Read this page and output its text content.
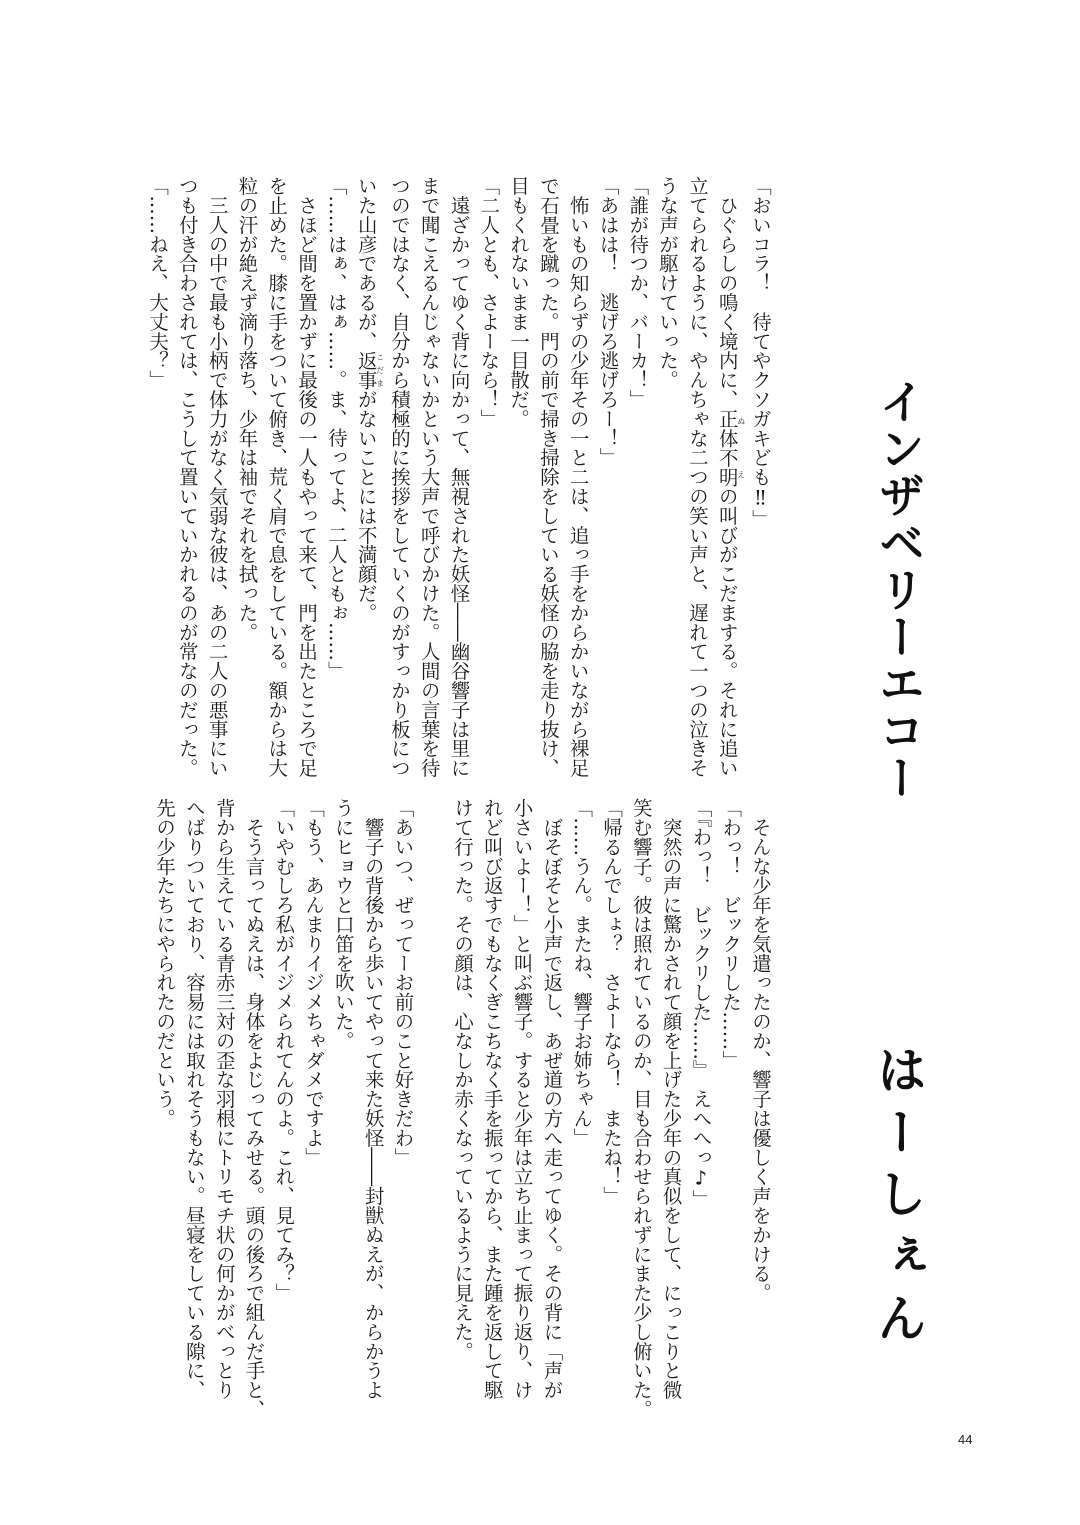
インザベリーエコー
はーしぇん
「おいコラ！　待てやクソガキども‼」
　ひぐらしの鳴く境内に、正体不明ぬえの叫びがこだまする。それに追い
立てられるように、やんちゃな二つの笑い声と、遅れて一つの泣きそ
うな声が駆けていった。
「誰が待つか、バーカ！」
「あはは！　逃げろ逃げろー！」
　怖いもの知らずの少年その一と二は、追っ手をからかいながら裸足
で石畳を蹴った。門の前で掃き掃除をしている妖怪の脇を走り抜け、
目もくれないまま一目散だ。
「二人とも、さよーなら！」
　遠ざかってゆく背に向かって、無視された妖怪――幽谷響子は里に
まで聞こえるんじゃないかという大声で呼びかけた。人間の言葉を待
つのではなく、自分から積極的に挨拶をしていくのがすっかり板につ
いた山彦であるが、返事こだまがないことには不満顔だ。
「……はぁ、はぁ……。ま、待ってよ、二人ともぉ……」
　さほど間を置かずに最後の一人もやって来て、門を出たところで足
を止めた。膝に手をついて俯き、荒く肩で息をしている。額からは大
粒の汗が絶えず滴り落ち、少年は袖でそれを拭った。
　三人の中で最も小柄で体力がなく気弱な彼は、あの二人の悪事にい
つも付き合わされては、こうして置いていかれるのが常なのだった。
「……ねえ、大丈夫？」
　そんな少年を気遣ったのか、響子は優しく声をかける。
「わっ！　ビックリした……」
「『わっ！　ビックリした……』　えへへっ♪」
　突然の声に驚かされて顔を上げた少年の真似をして、にっこりと微
笑む響子。彼は照れているのか、目も合わせられずにまた少し俯いた。
「帰るんでしょ？　さよーなら！　またね！」
「……うん。またね、響子お姉ちゃん」
　ぼそぼそと小声で返し、あぜ道の方へ走ってゆく。その背に「声が
小さいよー！」と叫ぶ響子。すると少年は立ち止まって振り返り、け
れど叫び返すでもなくぎこちなく手を振ってから、また踵を返して駆
けて行った。その顔は、心なしか赤くなっているように見えた。

「あいつ、ぜってーお前のこと好きだわ」
　響子の背後から歩いてやって来た妖怪――封獣ぬえが、からかうよ
うにヒョウと口笛を吹いた。
「もう、あんまりイジメちゃダメですよ」
「いやむしろ私がイジメられてんのよ。これ、見てみ？」
　そう言ってぬえは、身体をよじってみせる。頭の後ろで組んだ手と、
背から生えている青赤三対の歪な羽根にトリモチ状の何かがべっとり
へばりついており、容易には取れそうもない。昼寝をしている隙に、
先の少年たちにやられたのだという。
44
